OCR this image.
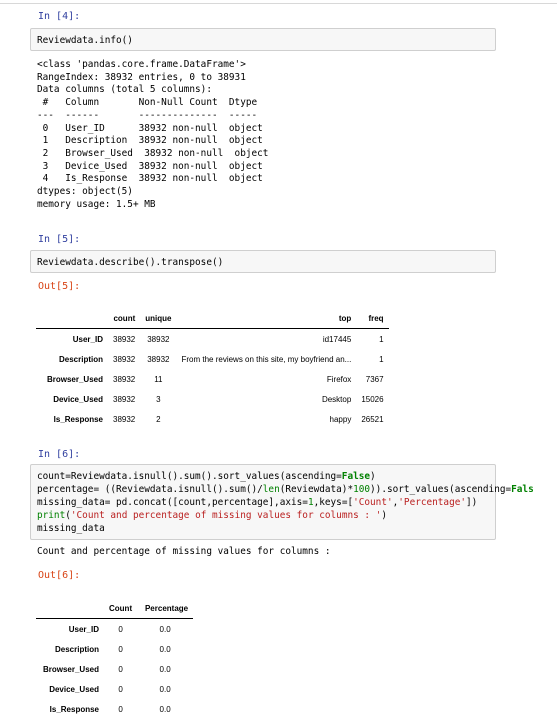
In [4]:
Reviewdata.info()
<class 'pandas.core.frame.DataFrame'>
RangeIndex: 38932 entries, 0 to 38931
Data columns (total 5 columns):
#   Column       Non-Null Count  Dtype
---  ------       --------------  -----
0   User_ID      38932 non-null  object
1   Description  38932 non-null  object
2   Browser_Used  38932 non-null  object
3   Device_Used  38932 non-null  object
4   Is_Response  38932 non-null  object
dtypes: object(5)
memory usage: 1.5+ MB
In [5]:
Reviewdata.describe().transpose()
Out[5]:
	count	unique	top	freq
User_ID	38932	38932	id17445	1
Description	38932	38932	From the reviews on this site, my boyfriend an...	1
Browser_Used	38932	11	Firefox	7367
Device_Used	38932	3	Desktop	15026
Is_Response	38932	2	happy	26521
In [6]:
count=Reviewdata.isnull().sum().sort_values(ascending=False)
percentage= ((Reviewdata.isnull().sum()/len(Reviewdata)*100)).sort_values(ascending=Fals
missing_data= pd.concat([count,percentage],axis=1,keys=['Count','Percentage'])
print('Count and percentage of missing values for columns : ')
missing_data
Count and percentage of missing values for columns :
Out[6]:
	Count	Percentage
User_ID	0	0.0
Description	0	0.0
Browser_Used	0	0.0
Device_Used	0	0.0
Is_Response	0	0.0
